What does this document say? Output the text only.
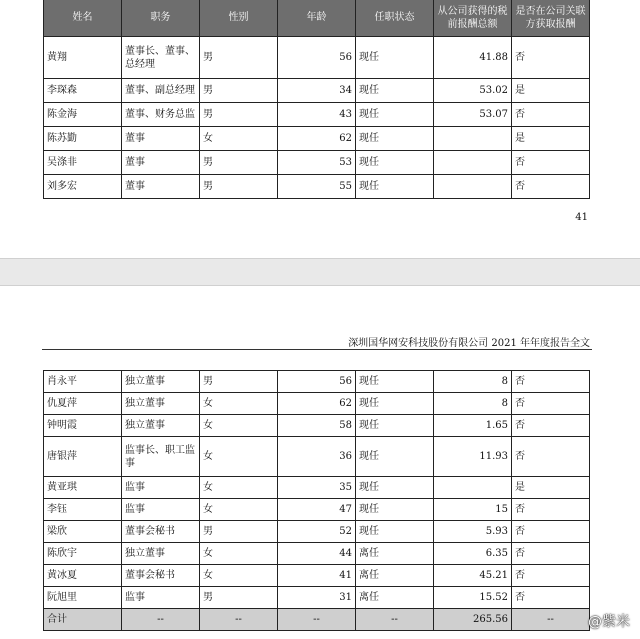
姓名	职务	性别	年龄	任职状态	从公司获得的税前报酬总额	是否在公司关联方获取报酬
黄翔	董事长、董事、总经理	男	56	现任	41.88	否
李琛森	董事、副总经理	男	34	现任	53.02	是
陈金海	董事、财务总监	男	43	现任	53.07	否
陈苏勤	董事	女	62	现任		是
吴涤非	董事	男	53	现任		否
刘多宏	董事	男	55	现任		否
41
深圳国华网安科技股份有限公司 2021 年年度报告全文
肖永平	独立董事	男	56	现任	8	否
仇夏萍	独立董事	女	62	现任	8	否
钟明霞	独立董事	女	58	现任	1.65	否
唐银萍	监事长、职工监事	女	36	现任	11.93	否
黄亚琪	监事	女	35	现任		是
李钰	监事	女	47	现任	15	否
梁欣	董事会秘书	男	52	现任	5.93	否
陈欣宇	独立董事	女	44	离任	6.35	否
黄冰夏	董事会秘书	女	41	离任	45.21	否
阮旭里	监事	男	31	离任	15.52	否
合计	--	--	--	--	265.56	-- @紫米
